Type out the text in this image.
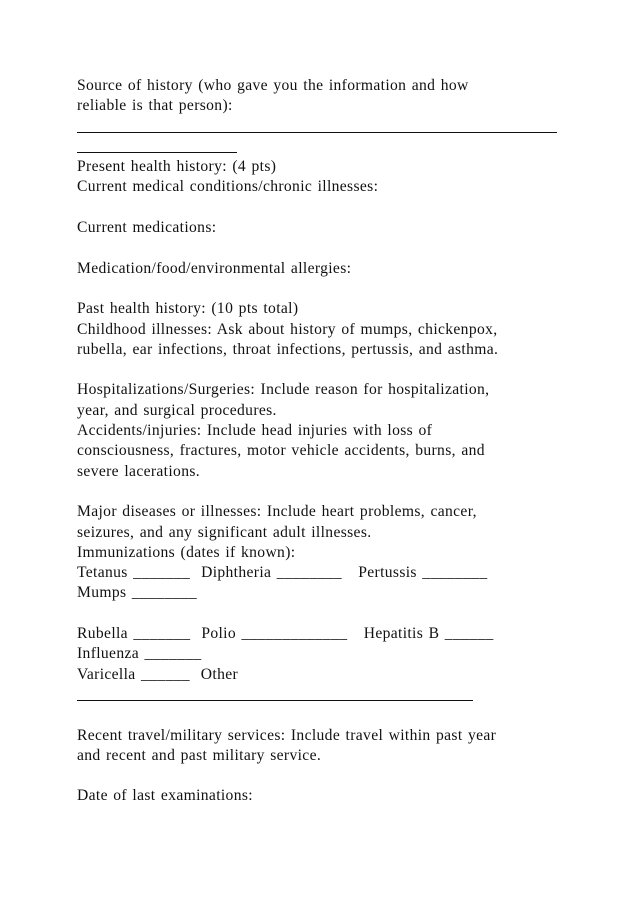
Source of history (who gave you the information and how
reliable is that person):
Present health history: (4 pts)
Current medical conditions/chronic illnesses:
Current medications:
Medication/food/environmental allergies:
Past health history: (10 pts total)
Childhood illnesses: Ask about history of mumps, chickenpox,
rubella, ear infections, throat infections, pertussis, and asthma.
Hospitalizations/Surgeries: Include reason for hospitalization,
year, and surgical procedures.
Accidents/injuries: Include head injuries with loss of
consciousness, fractures, motor vehicle accidents, burns, and
severe lacerations.
Major diseases or illnesses: Include heart problems, cancer,
seizures, and any significant adult illnesses.
Immunizations (dates if known):
Tetanus _______  Diphtheria ________   Pertussis ________
Mumps ________
Rubella _______  Polio _____________   Hepatitis B ______
Influenza _______
Varicella ______  Other
Recent travel/military services: Include travel within past year
and recent and past military service.
Date of last examinations:
